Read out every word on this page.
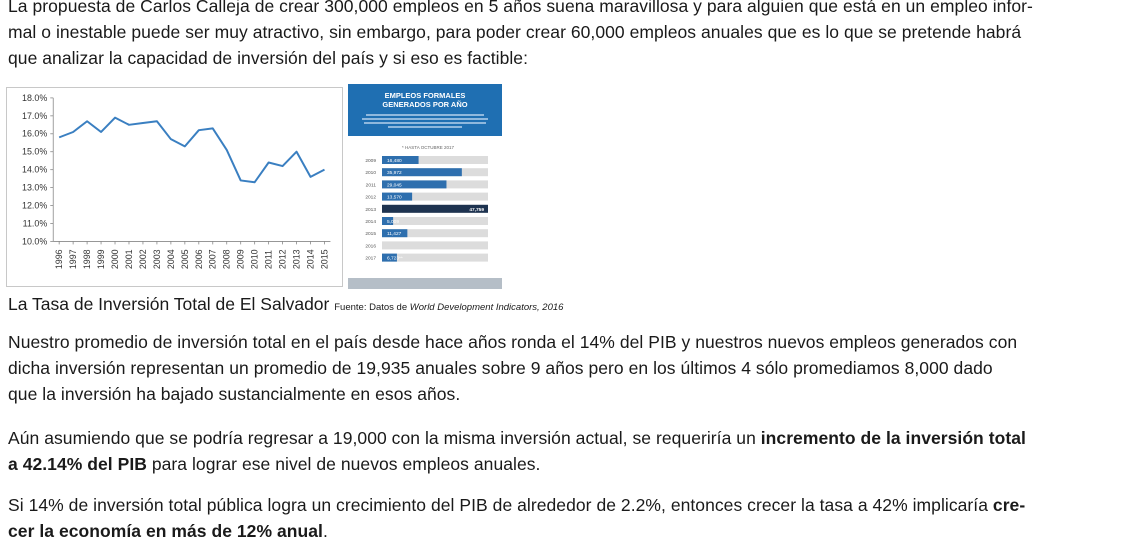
La propuesta de Carlos Calleja de crear 300,000 empleos en 5 años suena maravillosa y para alguien que está en un empleo infor-
mal o inestable puede ser muy atractivo, sin embargo, para poder crear 60,000 empleos anuales que es lo que se pretende habrá
que analizar la capacidad de inversión del país y si eso es factible:
10.0%
11.0%
12.0%
13.0%
14.0%
15.0%
16.0%
17.0%
18.0%
1996 1997 1998 1999 2000 2001 2002 2003 2004 2005 2006 2007 2008 2009 2010 2011 2012 2013 2014 2015
EMPLEOS FORMALES
GENERADOS POR AÑO
* HASTA OCTUBRE 2017
2009 16,480
2010 35,972
2011 29,045
2012 13,570
2013	47,759
2014 5,009
2015 11,427
2016
2017 6,723**
La Tasa de Inversión Total de El Salvador Fuente: Datos de World Development Indicators, 2016
Nuestro promedio de inversión total en el país desde hace años ronda el 14% del PIB y nuestros nuevos empleos generados con
dicha inversión representan un promedio de 19,935 anuales sobre 9 años pero en los últimos 4 sólo promediamos 8,000 dado
que la inversión ha bajado sustancialmente en esos años.
Aún asumiendo que se podría regresar a 19,000 con la misma inversión actual, se requeriría un incremento de la inversión total
a 42.14% del PIB para lograr ese nivel de nuevos empleos anuales.
Si 14% de inversión total pública logra un crecimiento del PIB de alrededor de 2.2%, entonces crecer la tasa a 42% implicaría cre-
cer la economía en más de 12% anual.
